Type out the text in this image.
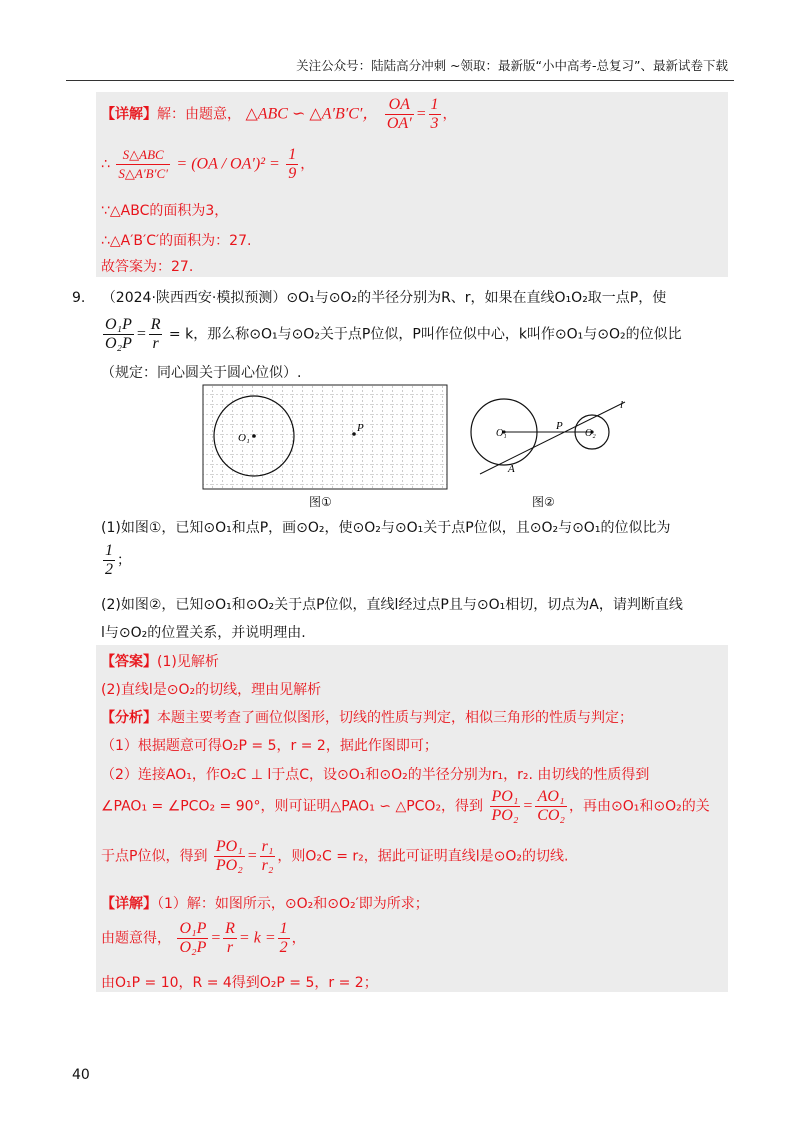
关注公众号：陆陆高分冲刺 ~领取：最新版“小中高考-总复习”、最新试卷下载
【详解】解：由题意， △ABC ∽ △A′B′C′， $\frac{OA}{OA'} = \frac{1}{3}$ ，
∴ $\frac{\text{S△ABC}}{S\triangle A'B'C'} = (OA / OA')^2 = \frac{1}{9}$ ，
∵△ABC的面积为3，
∴△A′B′C′的面积为：27.
故答案为：27.
9. （2024·陕西西安·模拟预测）⊙O₁与⊙O₂的半径分别为R、r，如果在直线O₁O₂取一点P，使
$\frac{\text{O₁P}}{\text{O₂P}} = \frac{R}{r} = k$，那么称⊙O₁与⊙O₂关于点P位似，P叫作位似中心，k叫作⊙O₁与⊙O₂的位似比
（规定：同心圆关于圆心位似）.
O₁
P
图①
O₁	O₂
P
A
l
图②
(1)如图①，已知⊙O₁和点P，画⊙O₂，使⊙O₂与⊙O₁关于点P位似，且⊙O₂与⊙O₁的位似比为
$\frac{1}{2}$ ；
(2)如图②，已知⊙O₁和⊙O₂关于点P位似，直线l经过点P且与⊙O₁相切，切点为A，请判断直线
l与⊙O₂的位置关系，并说明理由.
【答案】(1)见解析
(2)直线l是⊙O₂的切线，理由见解析
【分析】本题主要考查了画位似图形，切线的性质与判定，相似三角形的性质与判定；
（1）根据题意可得O₂P = 5，r = 2，据此作图即可；
（2）连接AO₁，作O₂C ⊥ l于点C，设⊙O₁和⊙O₂的半径分别为r₁，r₂. 由切线的性质得到
∠PAO₁ = ∠PCO₂ = 90°，则可证明△PAO₁ ∽ △PCO₂，得到 $\frac{\text{PO₁}}{\text{PO₂}} = \frac{\text{AO₁}}{\text{CO₂}}$ ，再由⊙O₁和⊙O₂的关
于点P位似，得到 $\frac{\text{PO₁}}{\text{PO₂}} = \frac{\text{r₁}}{\text{r₂}}$ ，则O₂C = r₂，据此可证明直线l是⊙O₂的切线.
【详解】（1）解：如图所示，⊙O₂和⊙O₂′即为所求；
由题意得， $\frac{\text{O₁P}}{\text{O₂P}} = \frac{R}{r} = k = \frac{1}{2}$ ，
由O₁P = 10，R = 4得到O₂P = 5，r = 2；
40
